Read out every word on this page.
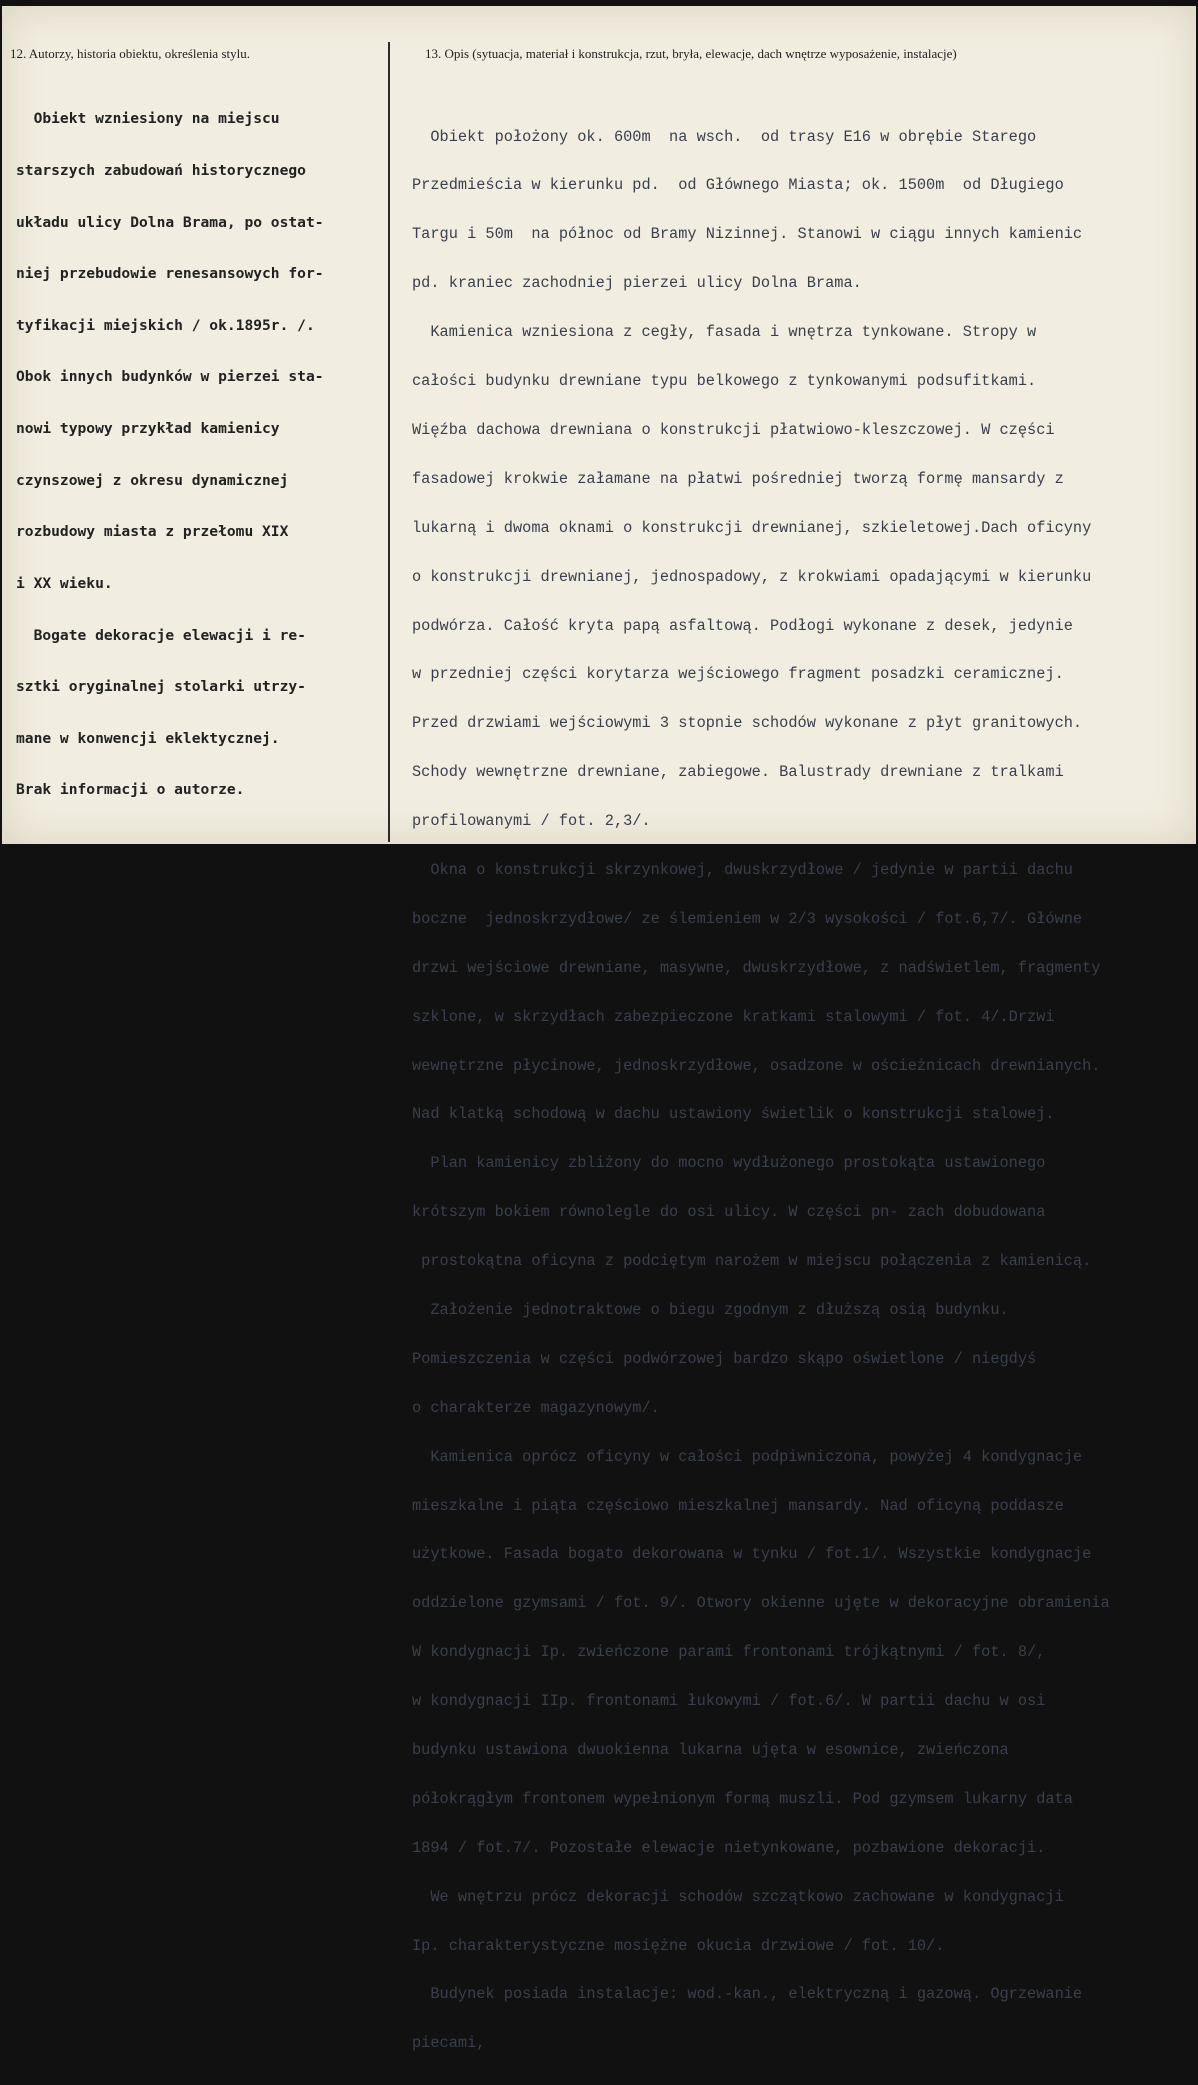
12. Autorzy, historia obiektu, określenia stylu.	13. Opis (sytuacja, materiał i konstrukcja, rzut, bryła, elewacje, dach wnętrze wyposażenie, instalacje)

Obiekt wzniesiony na miejscu

starszych zabudowań historycznego

układu ulicy Dolna Brama, po ostat-

niej przebudowie renesansowych for-

tyfikacji miejskich / ok.1895r. /.

Obok innych budynków w pierzei sta-

nowi typowy przykład kamienicy

czynszowej z okresu dynamicznej

rozbudowy miasta z przełomu XIX

i XX wieku.

Bogate dekoracje elewacji i re-

sztki oryginalnej stolarki utrzy-

mane w konwencji eklektycznej.

Brak informacji o autorze.

Obiekt położony ok. 600m  na wsch.  od trasy E16 w obrębie Starego

Przedmieścia w kierunku pd.  od Głównego Miasta; ok. 1500m  od Długiego

Targu i 50m  na północ od Bramy Nizinnej. Stanowi w ciągu innych kamienic

pd. kraniec zachodniej pierzei ulicy Dolna Brama.

Kamienica wzniesiona z cegły, fasada i wnętrza tynkowane. Stropy w

całości budynku drewniane typu belkowego z tynkowanymi podsufitkami.

Więźba dachowa drewniana o konstrukcji płatwiowo-kleszczowej. W części

fasadowej krokwie załamane na płatwi pośredniej tworzą formę mansardy z

lukarną i dwoma oknami o konstrukcji drewnianej, szkieletowej.Dach oficyny

o konstrukcji drewnianej, jednospadowy, z krokwiami opadającymi w kierunku

podwórza. Całość kryta papą asfaltową. Podłogi wykonane z desek, jedynie

w przedniej części korytarza wejściowego fragment posadzki ceramicznej.

Przed drzwiami wejściowymi 3 stopnie schodów wykonane z płyt granitowych.

Schody wewnętrzne drewniane, zabiegowe. Balustrady drewniane z tralkami

profilowanymi / fot. 2,3/.

Okna o konstrukcji skrzynkowej, dwuskrzydłowe / jedynie w partii dachu

boczne  jednoskrzydłowe/ ze ślemieniem w 2/3 wysokości / fot.6,7/. Główne

drzwi wejściowe drewniane, masywne, dwuskrzydłowe, z nadświetlem, fragmenty

szklone, w skrzydłach zabezpieczone kratkami stalowymi / fot. 4/.Drzwi

wewnętrzne płycinowe, jednoskrzydłowe, osadzone w ościeżnicach drewnianych.

Nad klatką schodową w dachu ustawiony świetlik o konstrukcji stalowej.

Plan kamienicy zbliżony do mocno wydłużonego prostokąta ustawionego

krótszym bokiem równolegle do osi ulicy. W części pn- zach dobudowana

prostokątna oficyna z podciętym narożem w miejscu połączenia z kamienicą.

Założenie jednotraktowe o biegu zgodnym z dłuższą osią budynku.

Pomieszczenia w części podwórzowej bardzo skąpo oświetlone / niegdyś

o charakterze magazynowym/.

Kamienica oprócz oficyny w całości podpiwniczona, powyżej 4 kondygnacje

mieszkalne i piąta częściowo mieszkalnej mansardy. Nad oficyną poddasze

użytkowe. Fasada bogato dekorowana w tynku / fot.1/. Wszystkie kondygnacje

oddzielone gzymsami / fot. 9/. Otwory okienne ujęte w dekoracyjne obramienia

W kondygnacji Ip. zwieńczone parami frontonami trójkątnymi / fot. 8/,

w kondygnacji IIp. frontonami łukowymi / fot.6/. W partii dachu w osi

budynku ustawiona dwuokienna lukarna ujęta w esownice, zwieńczona

półokrągłym frontonem wypełnionym formą muszli. Pod gzymsem lukarny data

1894 / fot.7/. Pozostałe elewacje nietynkowane, pozbawione dekoracji.

We wnętrzu prócz dekoracji schodów szczątkowo zachowane w kondygnacji

Ip. charakterystyczne mosiężne okucia drzwiowe / fot. 10/.

Budynek posiada instalacje: wod.-kan., elektryczną i gazową. Ogrzewanie

piecami,
